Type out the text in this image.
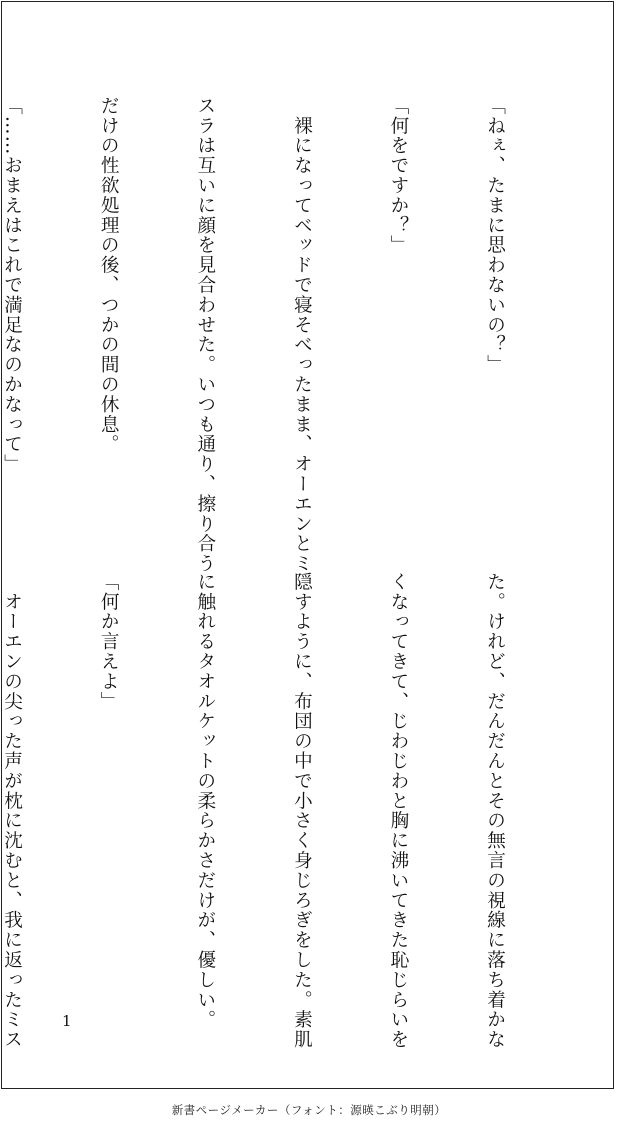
「ねぇ、たまに思わないの？」

「何をですか？」

　裸になってベッドで寝そべったまま、オーエンとミ

スラは互いに顔を見合わせた。いつも通り、擦り合う

だけの性欲処理の後、つかの間の休息。

「……おまえはこれで満足なのかなって」

た。けれど、だんだんとその無言の視線に落ち着かな

くなってきて、じわじわと胸に沸いてきた恥じらいを

隠すように、布団の中で小さく身じろぎをした。素肌

に触れるタオルケットの柔らかさだけが、優しい。

「何か言えよ」

　オーエンの尖った声が枕に沈むと、我に返ったミス

	1
新書ページメーカー（フォント：源暎こぶり明朝）
